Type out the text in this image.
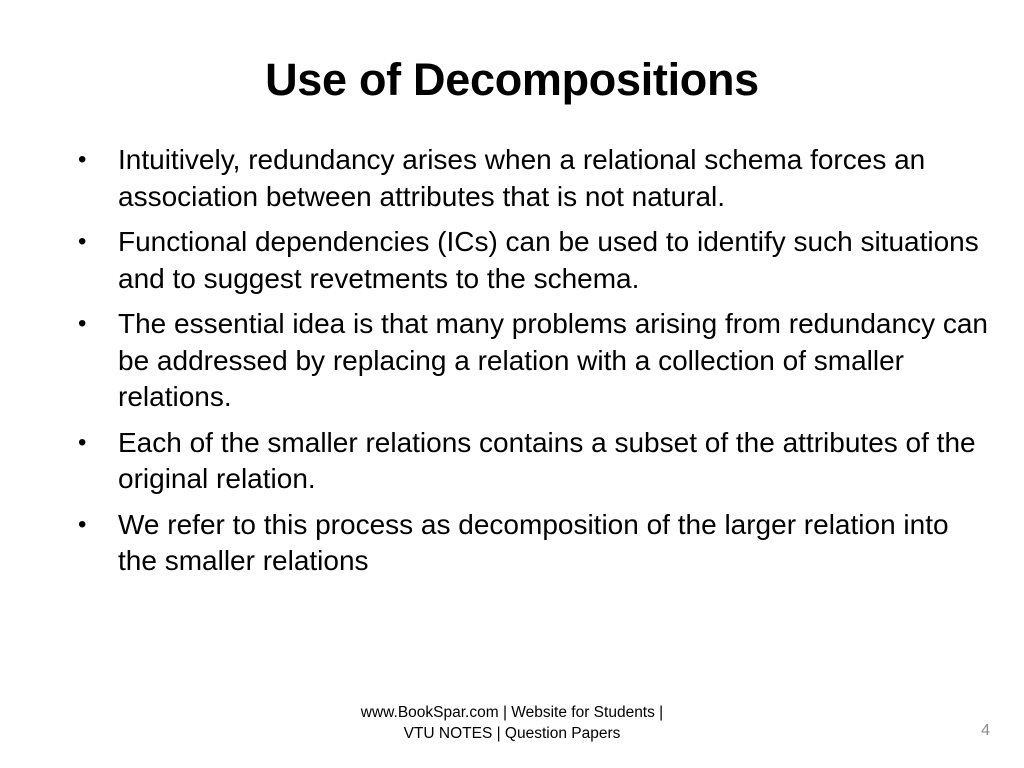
Use of Decompositions
•	Intuitively, redundancy arises when a relational schema forces an association between attributes that is not natural.
•	Functional dependencies (ICs) can be used to identify such situations and to suggest revetments to the schema.
•	The essential idea is that many problems arising from redundancy can be addressed by replacing a relation with a collection of smaller relations.
•	Each of the smaller relations contains a subset of the attributes of the original relation.
•	We refer to this process as decomposition of the larger relation into the smaller relations
www.BookSpar.com | Website for Students | VTU NOTES | Question Papers	4
